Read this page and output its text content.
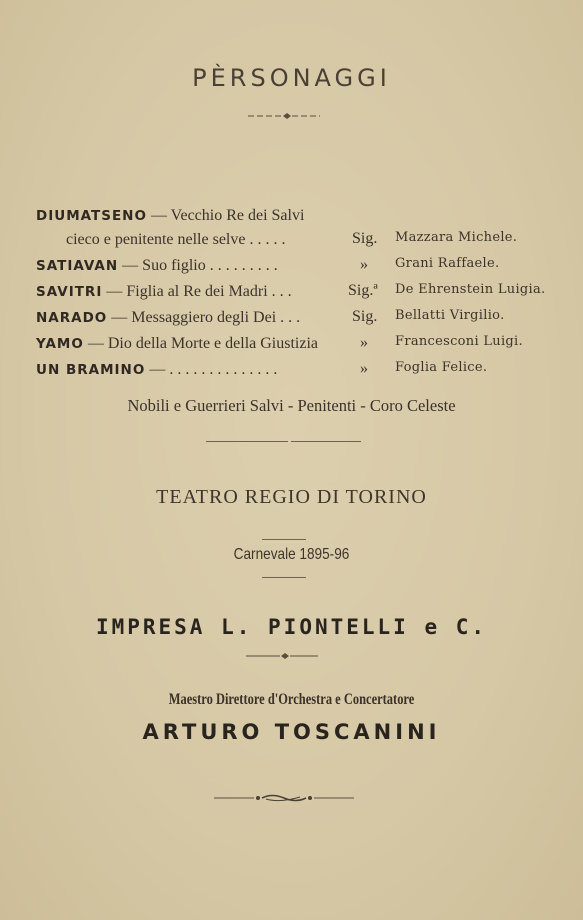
PÈRSONAGGI
DIUMATSENO — Vecchio Re dei Salvi
cieco e penitente nelle selve . . . . .	Sig.	Mazzara Michele.
SATIAVAN — Suo figlio . . . . . . . . .	»	Grani Raffaele.
SAVITRI — Figlia al Re dei Madri . . .	Sig.ª	De Ehrenstein Luigia.
NARADO — Messaggiero degli Dei . . .	Sig.	Bellatti Virgilio.
YAMO — Dio della Morte e della Giustizia	»	Francesconi Luigi.
UN BRAMINO — . . . . . . . . . . . . . .	»	Foglia Felice.
Nobili e Guerrieri Salvi - Penitenti - Coro Celeste
TEATRO REGIO DI TORINO
Carnevale 1895-96
IMPRESA L. PIONTELLI e C.
Maestro Direttore d'Orchestra e Concertatore
ARTURO TOSCANINI
